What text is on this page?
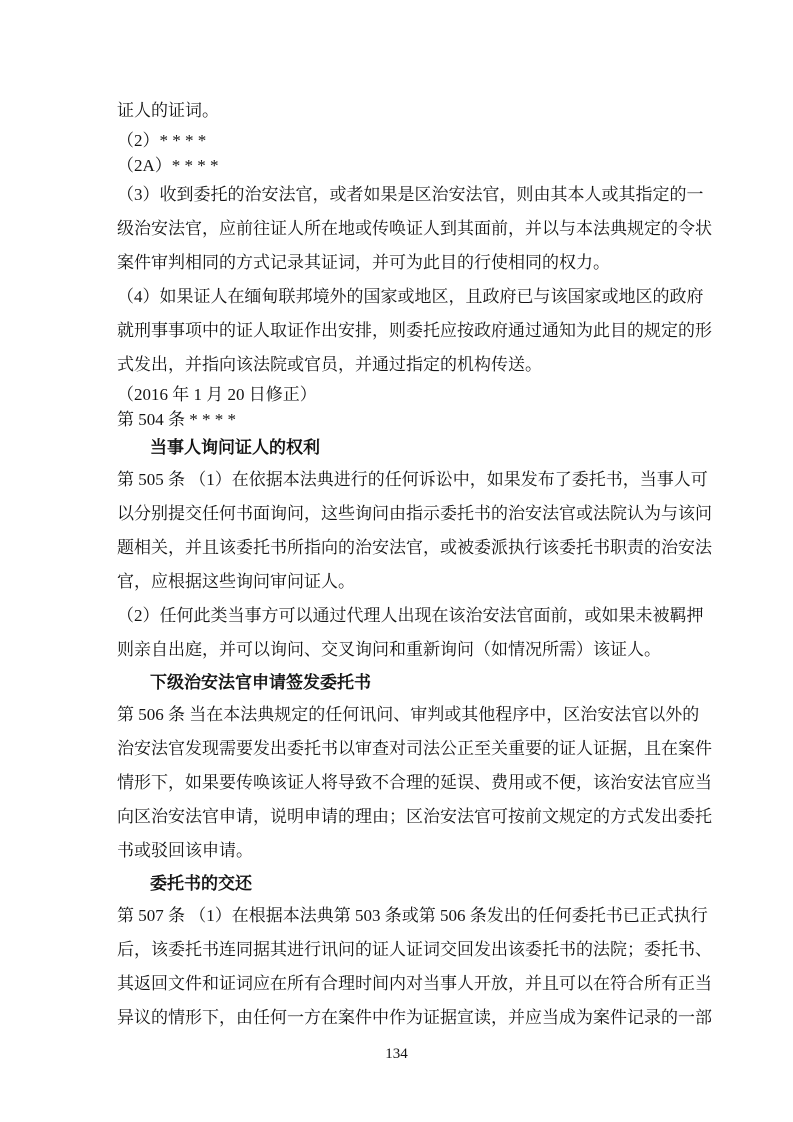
证人的证词。
（2）* * * *
（2A）* * * *
（3）收到委托的治安法官，或者如果是区治安法官，则由其本人或其指定的一
级治安法官，应前往证人所在地或传唤证人到其面前，并以与本法典规定的令状
案件审判相同的方式记录其证词，并可为此目的行使相同的权力。
（4）如果证人在缅甸联邦境外的国家或地区，且政府已与该国家或地区的政府
就刑事事项中的证人取证作出安排，则委托应按政府通过通知为此目的规定的形
式发出，并指向该法院或官员，并通过指定的机构传送。
（2016 年 1 月 20 日修正）
第 504 条 * * * *
当事人询问证人的权利
第 505 条 （1）在依据本法典进行的任何诉讼中，如果发布了委托书，当事人可
以分别提交任何书面询问，这些询问由指示委托书的治安法官或法院认为与该问
题相关，并且该委托书所指向的治安法官，或被委派执行该委托书职责的治安法
官，应根据这些询问审问证人。
（2）任何此类当事方可以通过代理人出现在该治安法官面前，或如果未被羁押
则亲自出庭，并可以询问、交叉询问和重新询问（如情况所需）该证人。
下级治安法官申请签发委托书
第 506 条 当在本法典规定的任何讯问、审判或其他程序中，区治安法官以外的
治安法官发现需要发出委托书以审查对司法公正至关重要的证人证据，且在案件
情形下，如果要传唤该证人将导致不合理的延误、费用或不便，该治安法官应当
向区治安法官申请，说明申请的理由；区治安法官可按前文规定的方式发出委托
书或驳回该申请。
委托书的交还
第 507 条 （1）在根据本法典第 503 条或第 506 条发出的任何委托书已正式执行
后，该委托书连同据其进行讯问的证人证词交回发出该委托书的法院；委托书、
其返回文件和证词应在所有合理时间内对当事人开放，并且可以在符合所有正当
异议的情形下，由任何一方在案件中作为证据宣读，并应当成为案件记录的一部
134
